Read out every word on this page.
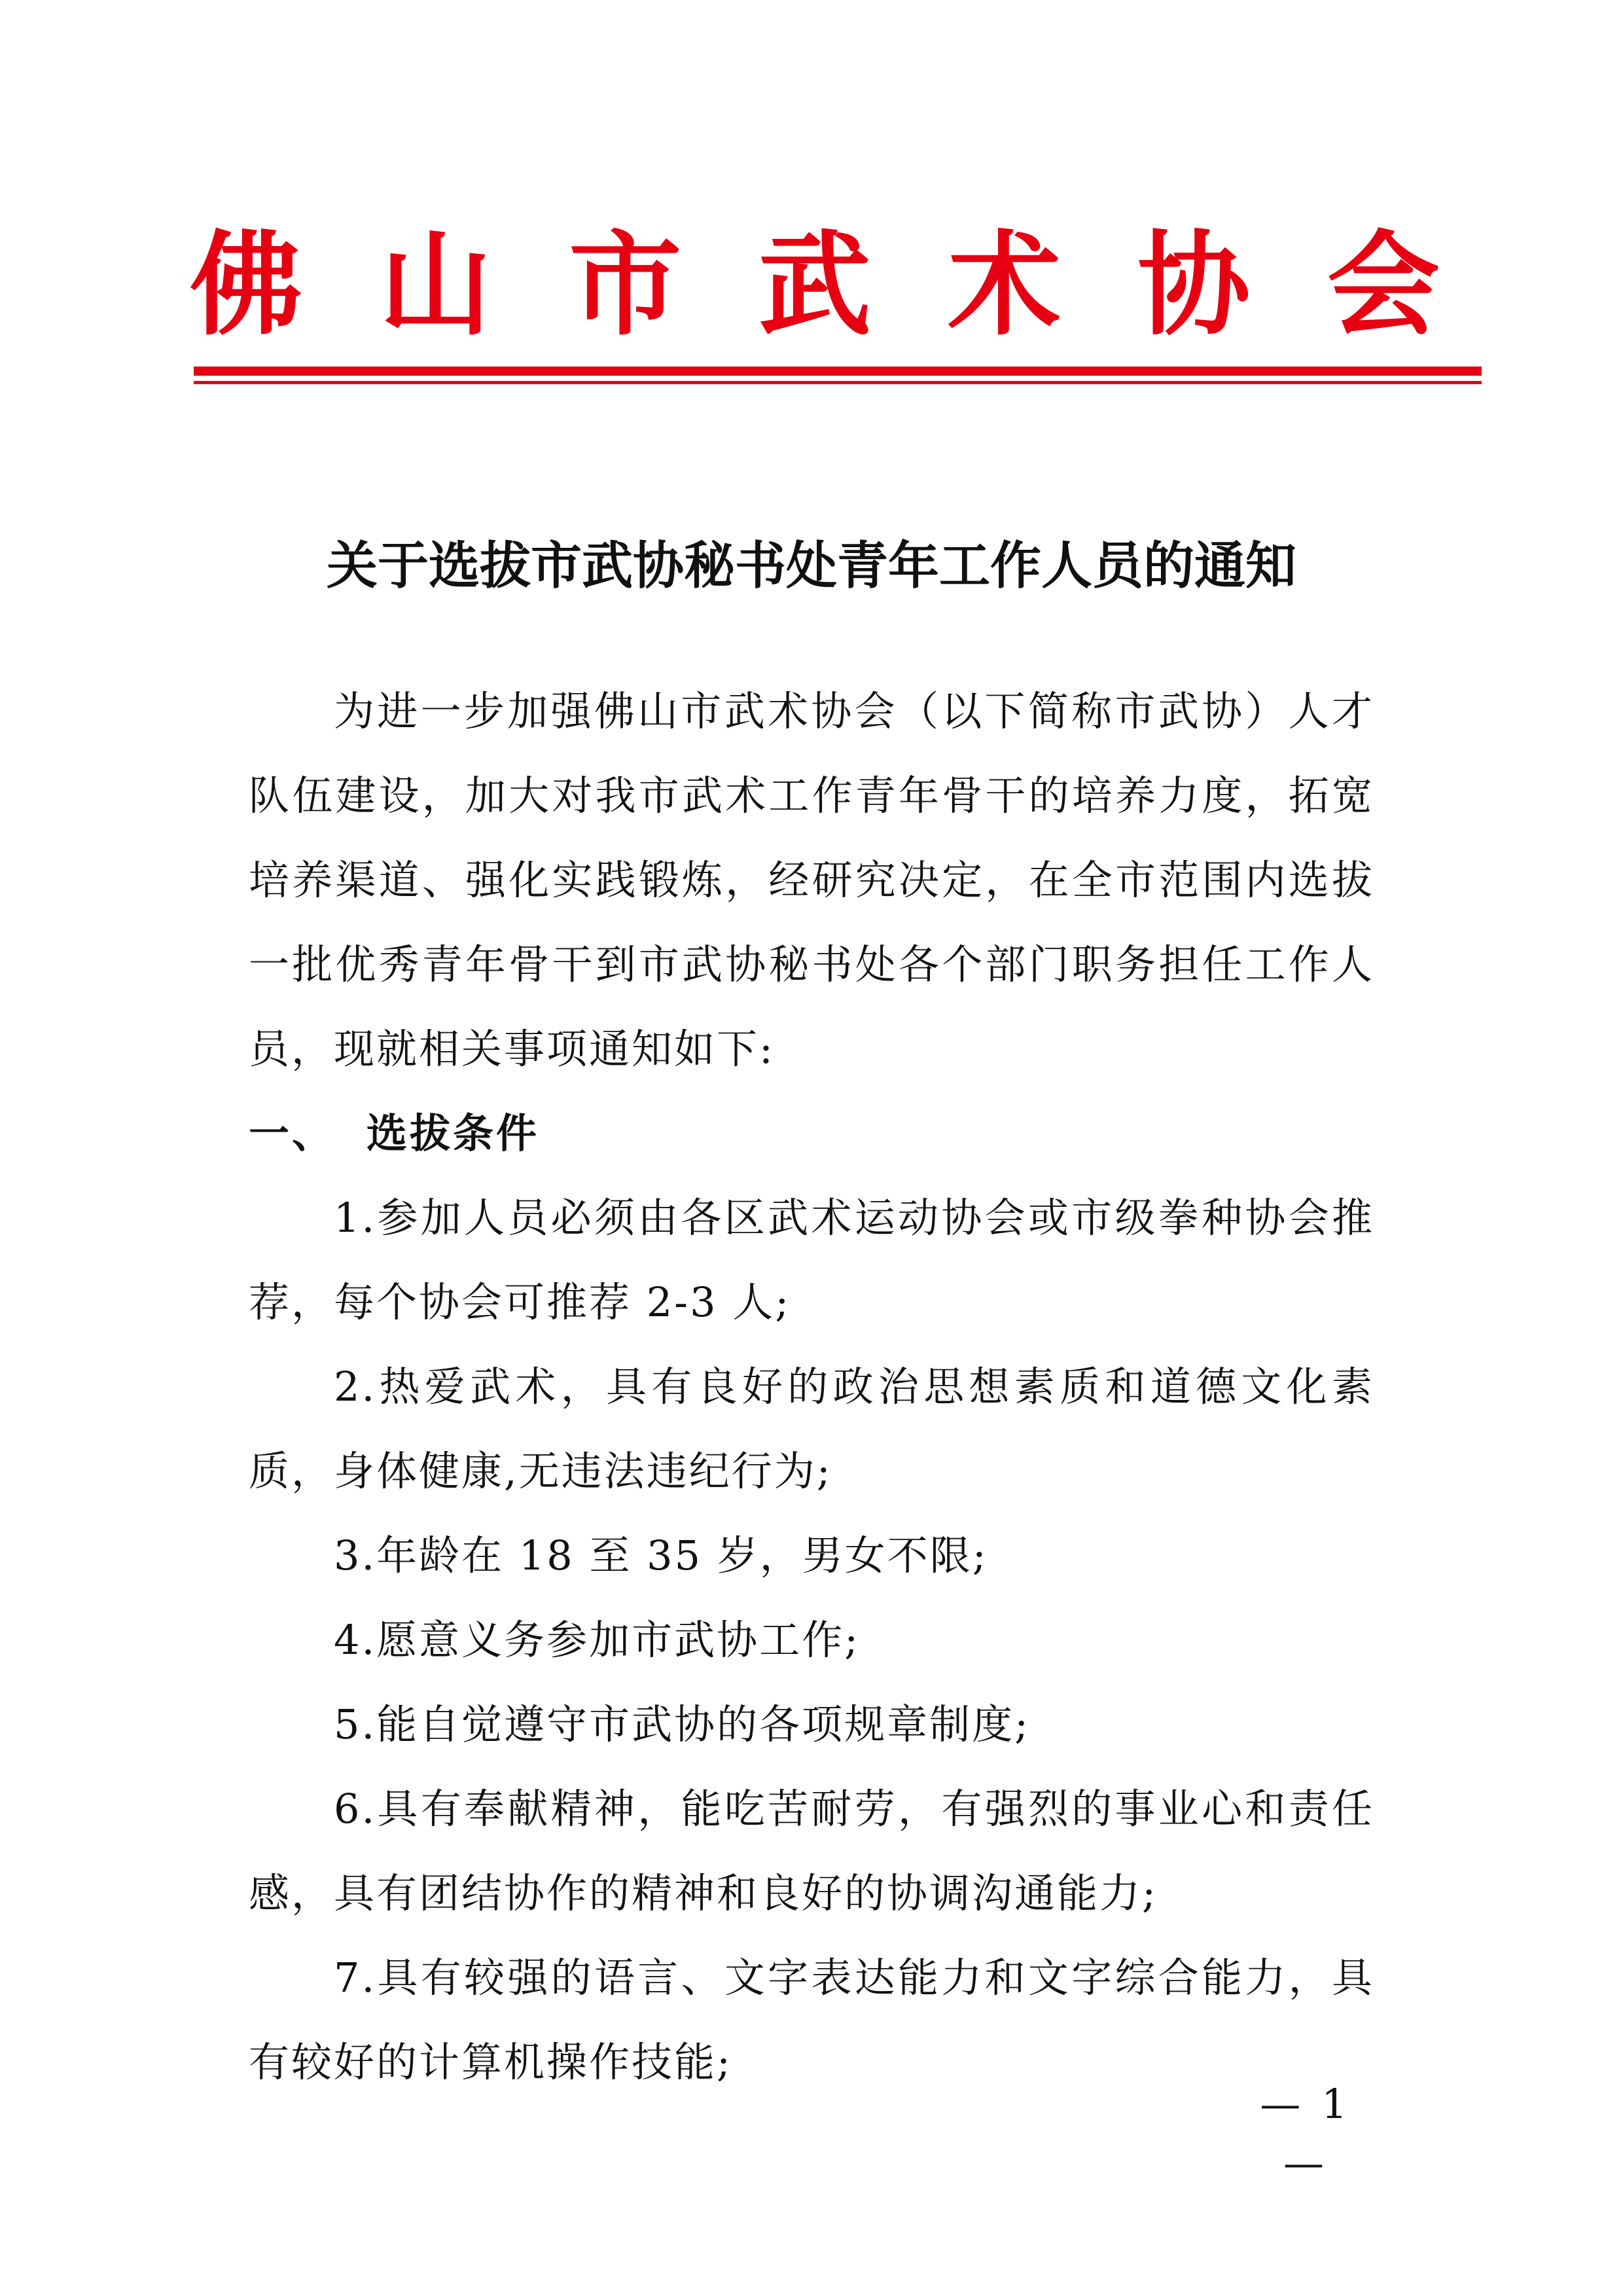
佛 山 市 武 术 协 会
关于选拔市武协秘书处青年工作人员的通知

为进一步加强佛山市武术协会（以下简称市武协）人才队伍建设，加大对我市武术工作青年骨干的培养力度，拓宽培养渠道、强化实践锻炼，经研究决定，在全市范围内选拔一批优秀青年骨干到市武协秘书处各个部门职务担任工作人员，现就相关事项通知如下:

一、 选拔条件

1.参加人员必须由各区武术运动协会或市级拳种协会推荐，每个协会可推荐 2-3 人;

2.热爱武术，具有良好的政治思想素质和道德文化素质，身体健康,无违法违纪行为;

3.年龄在 18 至 35 岁，男女不限;

4.愿意义务参加市武协工作;

5.能自觉遵守市武协的各项规章制度;

6.具有奉献精神，能吃苦耐劳，有强烈的事业心和责任感，具有团结协作的精神和良好的协调沟通能力;

7.具有较强的语言、文字表达能力和文字综合能力，具有较好的计算机操作技能;

— 1 —
